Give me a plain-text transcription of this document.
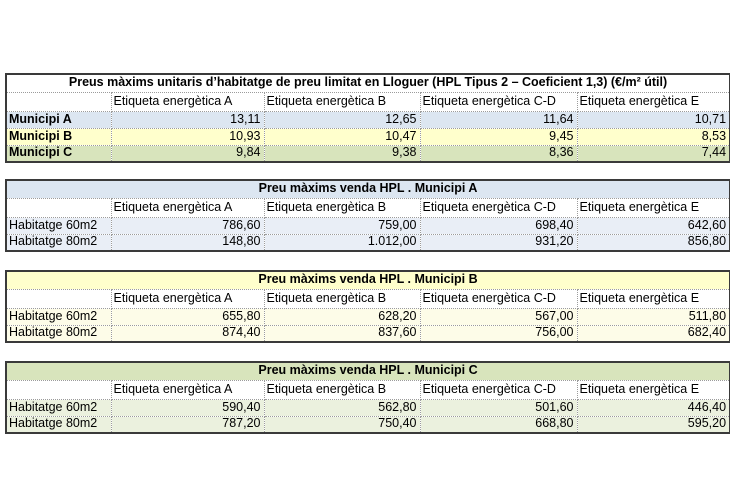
Preus màxims unitaris d’habitatge de preu limitat en Lloguer (HPL Tipus 2 – Coeficient 1,3) (€/m² útil)				
	Etiqueta energètica A	Etiqueta energètica B	Etiqueta energètica C-D	Etiqueta energètica E
Municipi A	13,11	12,65	11,64	10,71
Municipi B	10,93	10,47	9,45	8,53
Municipi C	9,84	9,38	8,36	7,44
Preu màxims venda HPL . Municipi A				
	Etiqueta energètica A	Etiqueta energètica B	Etiqueta energètica C-D	Etiqueta energètica E
Habitatge 60m2	786,60	759,00	698,40	642,60
Habitatge 80m2	148,80	1.012,00	931,20	856,80
Preu màxims venda HPL . Municipi B				
	Etiqueta energètica A	Etiqueta energètica B	Etiqueta energètica C-D	Etiqueta energètica E
Habitatge 60m2	655,80	628,20	567,00	511,80
Habitatge 80m2	874,40	837,60	756,00	682,40
Preu màxims venda HPL . Municipi C				
	Etiqueta energètica A	Etiqueta energètica B	Etiqueta energètica C-D	Etiqueta energètica E
Habitatge 60m2	590,40	562,80	501,60	446,40
Habitatge 80m2	787,20	750,40	668,80	595,20
